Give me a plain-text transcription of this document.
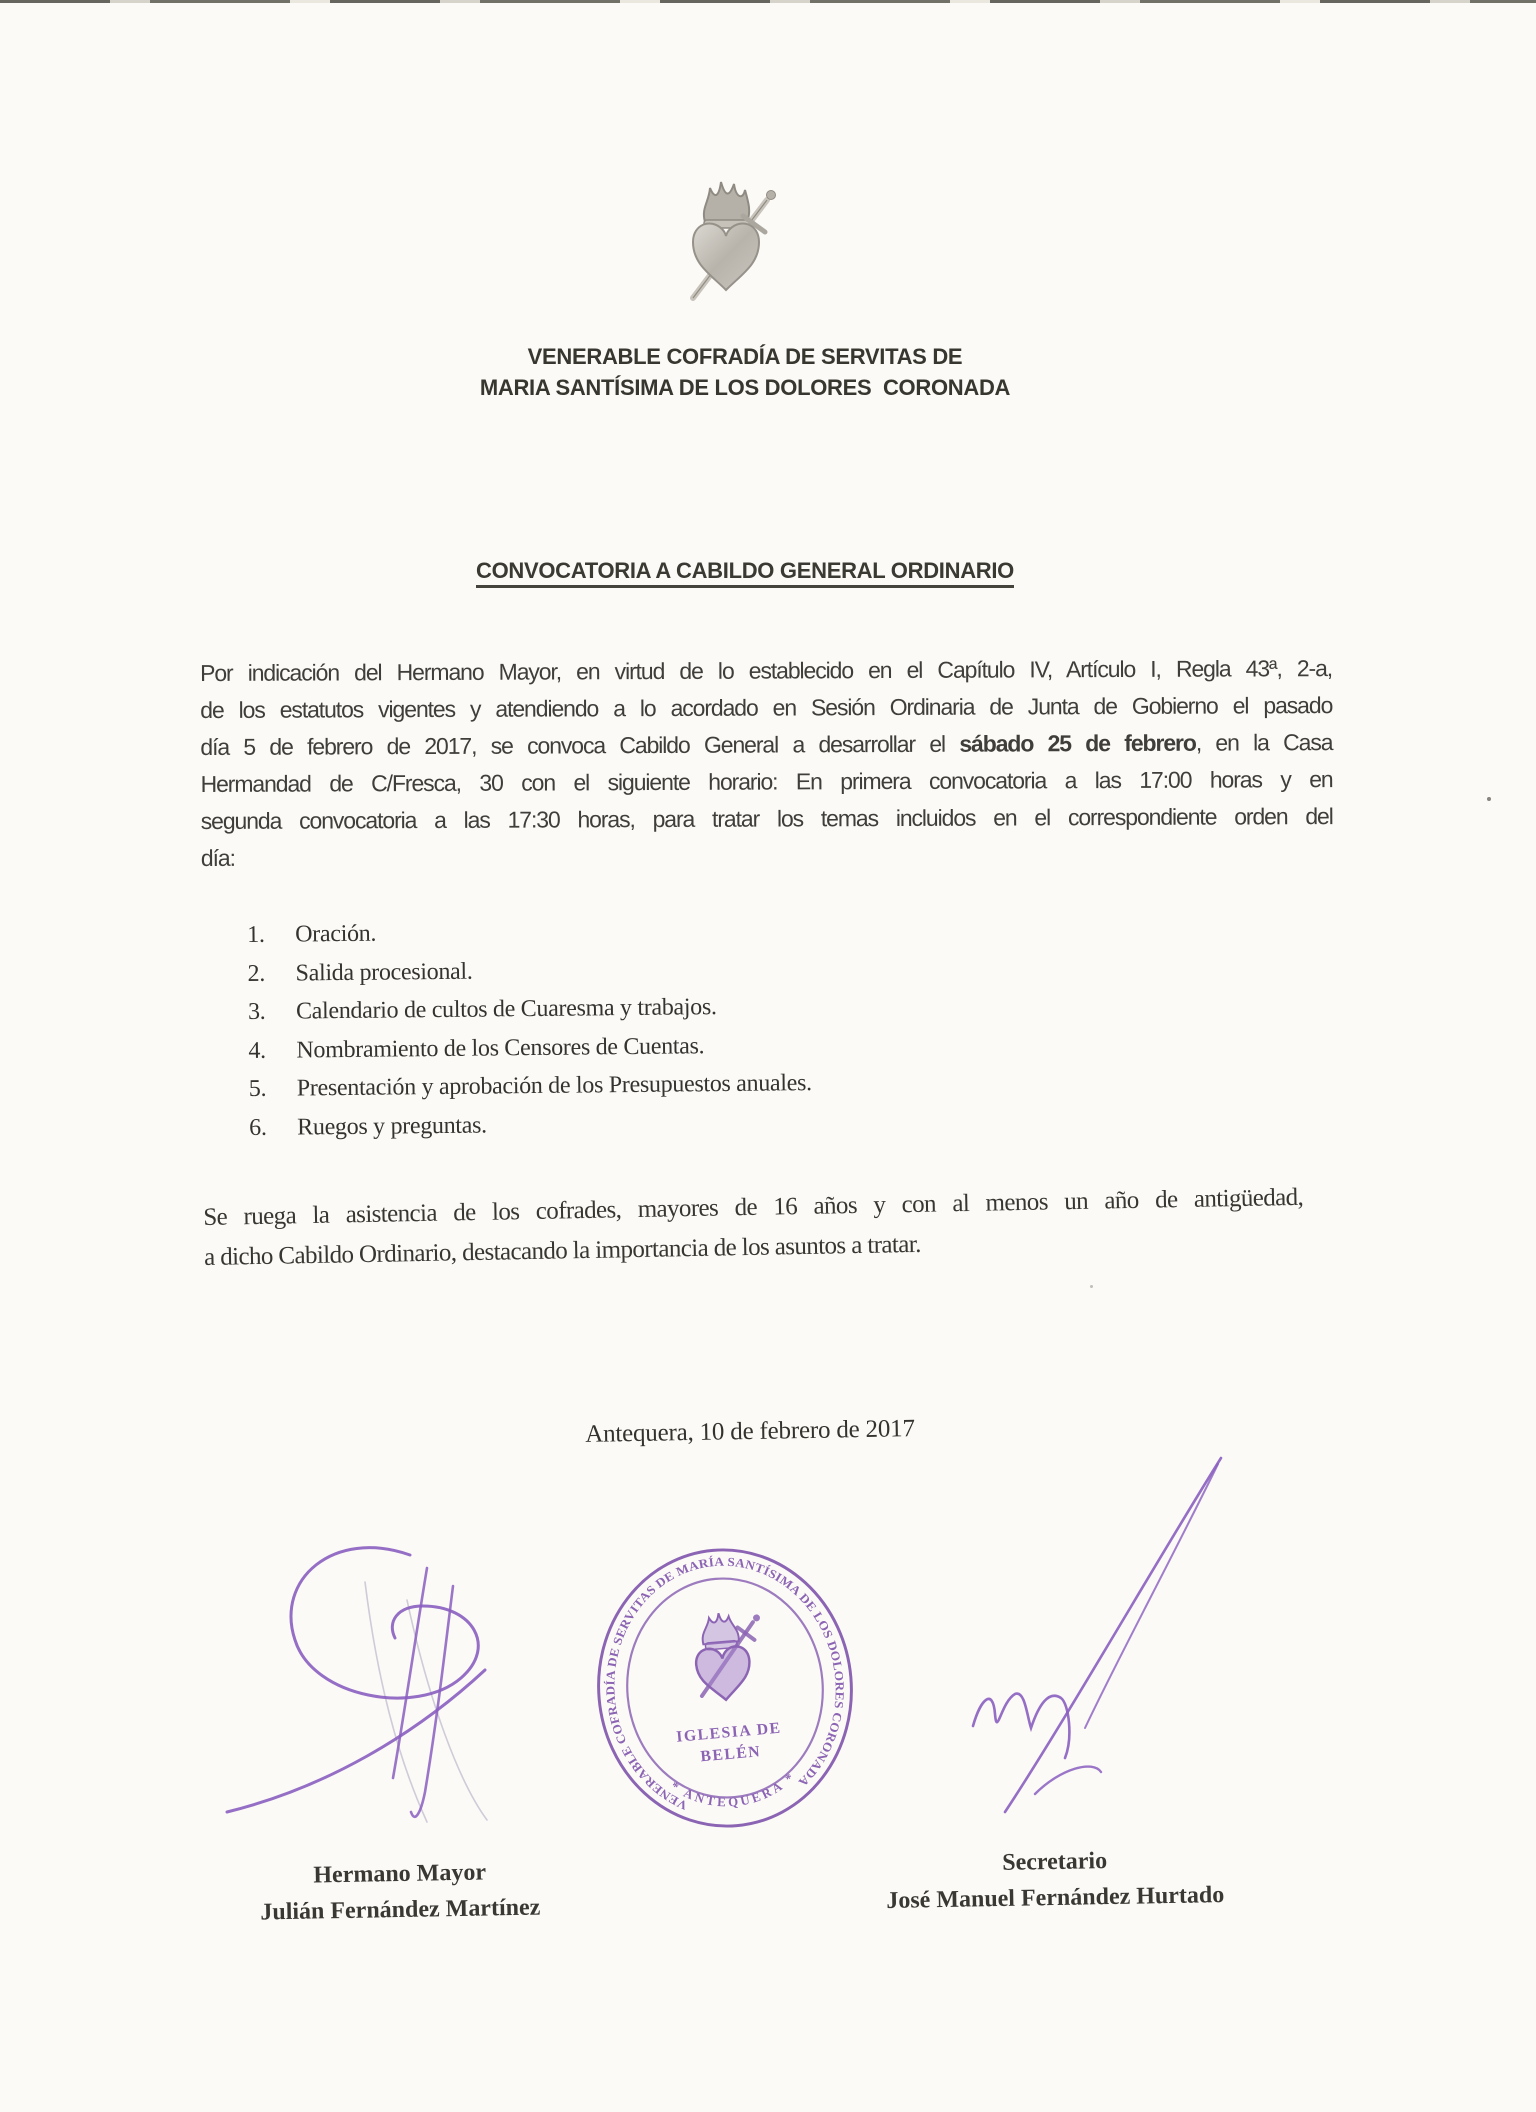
VENERABLE COFRADÍA DE SERVITAS DE
MARIA SANTÍSIMA DE LOS DOLORES  CORONADA
CONVOCATORIA A CABILDO GENERAL ORDINARIO
Por indicación del Hermano Mayor, en virtud de lo establecido en el Capítulo IV, Artículo I, Regla 43ª, 2-a,
de los estatutos vigentes y atendiendo a lo acordado en Sesión Ordinaria de Junta de Gobierno el pasado
día 5 de febrero de 2017, se convoca Cabildo General a desarrollar el sábado 25 de febrero, en la Casa
Hermandad de C/Fresca, 30 con el siguiente horario: En primera convocatoria a las 17:00 horas y en
segunda convocatoria a las 17:30 horas, para tratar los temas incluidos en el correspondiente orden del
día:
1.	Oración.
2.	Salida procesional.
3.	Calendario de cultos de Cuaresma y trabajos.
4.	Nombramiento de los Censores de Cuentas.
5.	Presentación y aprobación de los Presupuestos anuales.
6.	Ruegos y preguntas.
Se ruega la asistencia de los cofrades, mayores de 16 años y con al menos un año de antigüedad,
a dicho Cabildo Ordinario, destacando la importancia de los asuntos a tratar.
Antequera, 10 de febrero de 2017
VENERABLE COFRADÍA DE SERVITAS DE MARÍA SANTÍSIMA DE LOS DOLORES CORONADA
* ANTEQUERA *
IGLESIA DE
BELÉN
Hermano Mayor
Julián Fernández Martínez
Secretario
José Manuel Fernández Hurtado
